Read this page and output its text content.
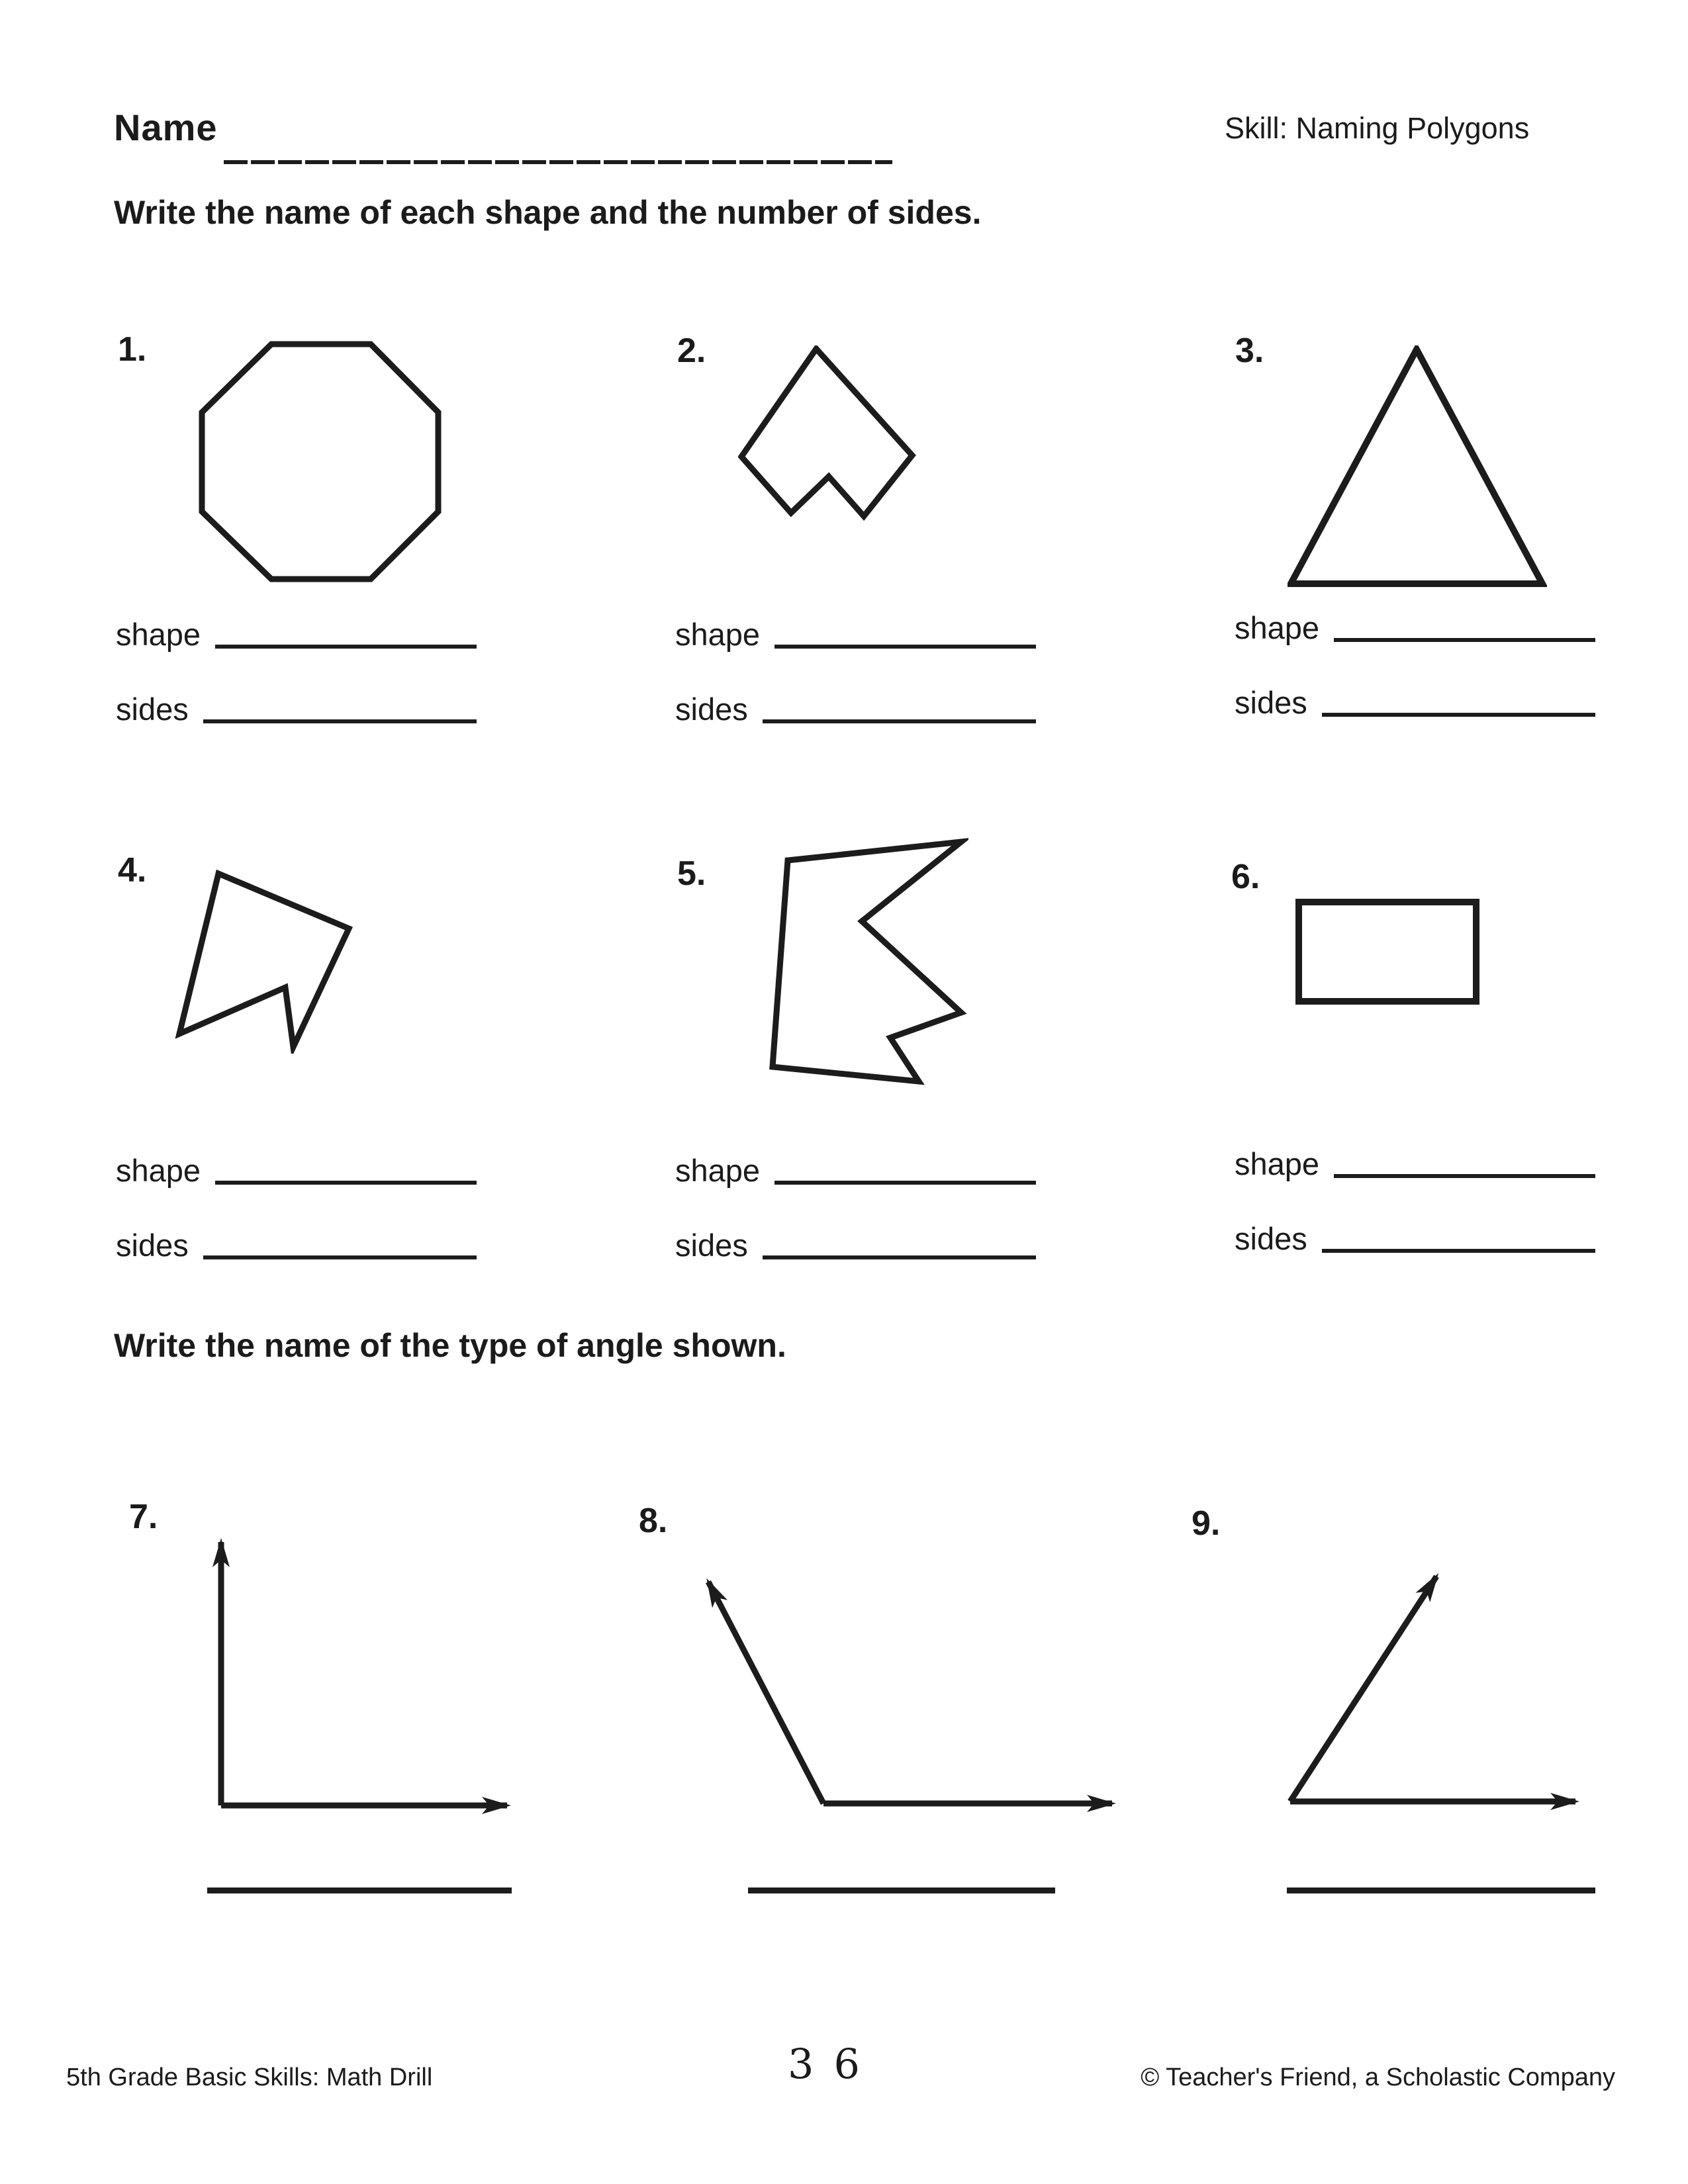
Name	Skill: Naming Polygons
Write the name of each shape and the number of sides.
1.	2.	3.
shape	shape	shape
sides	sides	sides
4.	5.	6.
shape	shape	shape
sides	sides	sides
Write the name of the type of angle shown.
7.	8.	9.
5th Grade Basic Skills: Math Drill	36	© Teacher's Friend, a Scholastic Company
